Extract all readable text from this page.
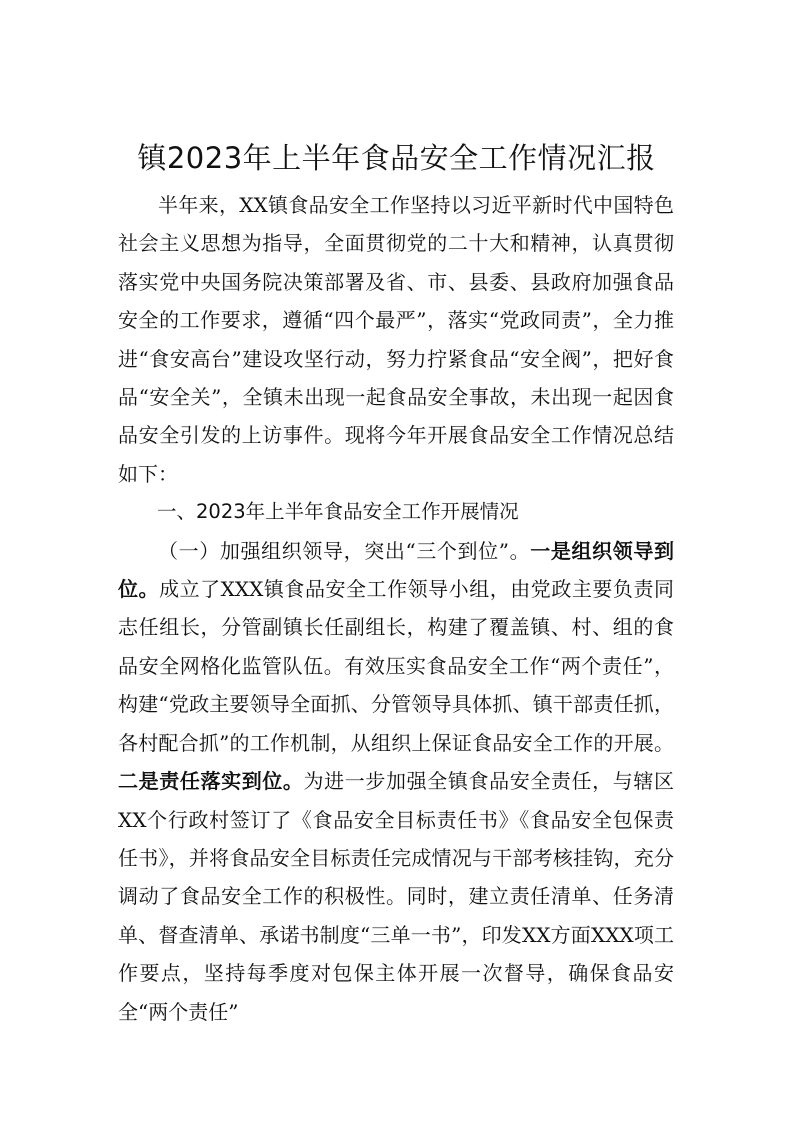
镇2023年上半年食品安全工作情况汇报

半年来，XX镇食品安全工作坚持以习近平新时代中国特色社会主义思想为指导，全面贯彻党的二十大和精神，认真贯彻落实党中央国务院决策部署及省、市、县委、县政府加强食品安全的工作要求，遵循“四个最严”，落实“党政同责”，全力推进“食安高台”建设攻坚行动，努力拧紧食品“安全阀”，把好食品“安全关”，全镇未出现一起食品安全事故，未出现一起因食品安全引发的上访事件。现将今年开展食品安全工作情况总结如下：

一、2023年上半年食品安全工作开展情况

（一）加强组织领导，突出“三个到位”。一是组织领导到位。成立了XXX镇食品安全工作领导小组，由党政主要负责同志任组长，分管副镇长任副组长，构建了覆盖镇、村、组的食品安全网格化监管队伍。有效压实食品安全工作“两个责任”，构建“党政主要领导全面抓、分管领导具体抓、镇干部责任抓，各村配合抓”的工作机制，从组织上保证食品安全工作的开展。二是责任落实到位。为进一步加强全镇食品安全责任，与辖区XX个行政村签订了《食品安全目标责任书》《食品安全包保责任书》，并将食品安全目标责任完成情况与干部考核挂钩，充分调动了食品安全工作的积极性。同时，建立责任清单、任务清单、督查清单、承诺书制度“三单一书”，印发XX方面XXX项工作要点，坚持每季度对包保主体开展一次督导，确保食品安全“两个责任”
